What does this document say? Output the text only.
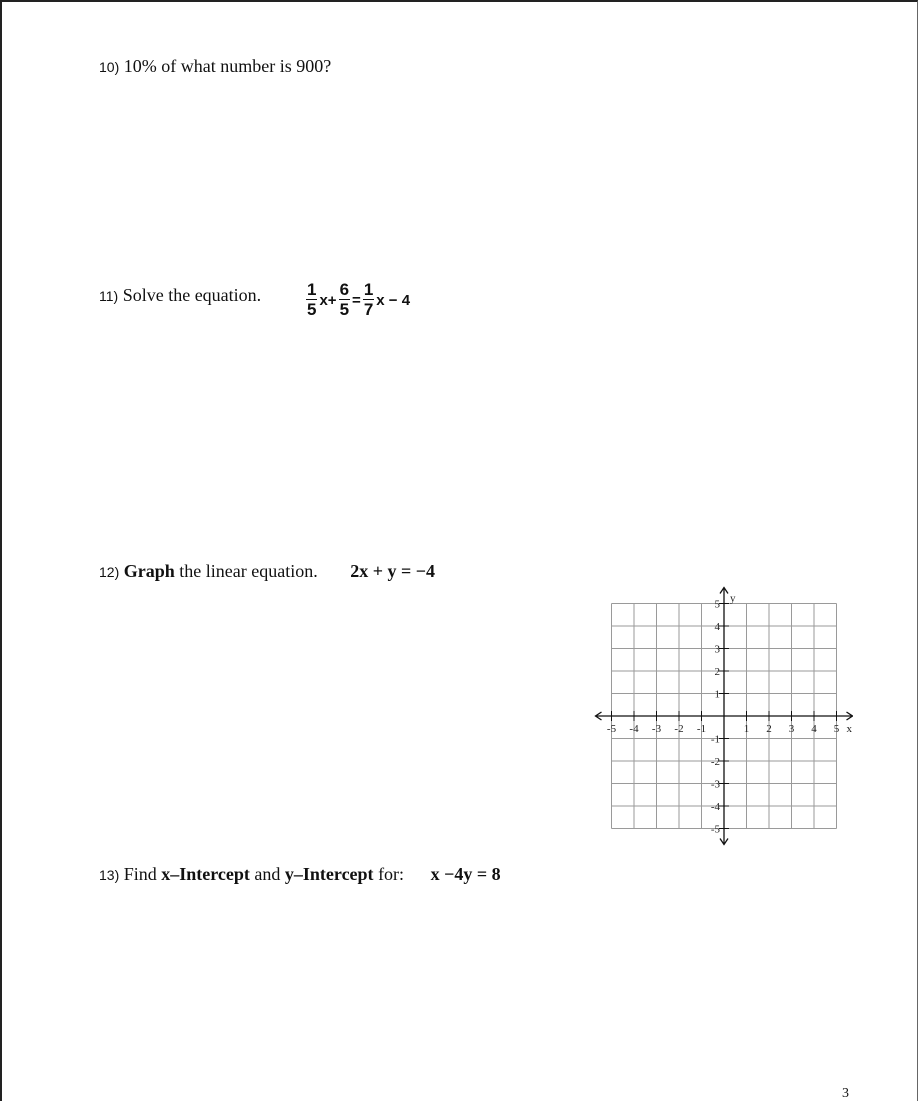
10) 10% of what number is 900?
11) Solve the equation.	$\frac{1}{5} x+ \frac{6}{5} = \frac{1}{7}$ x − 4
12) Graph the linear equation. 2x + y = −4
-5 -4 -3 -2 -1	1 2 3 4 5
5
4
3
2
1
-1
-2
-3
-4
-5
x
y
13) Find x–Intercept and y–Intercept for: x −4y = 8
3
